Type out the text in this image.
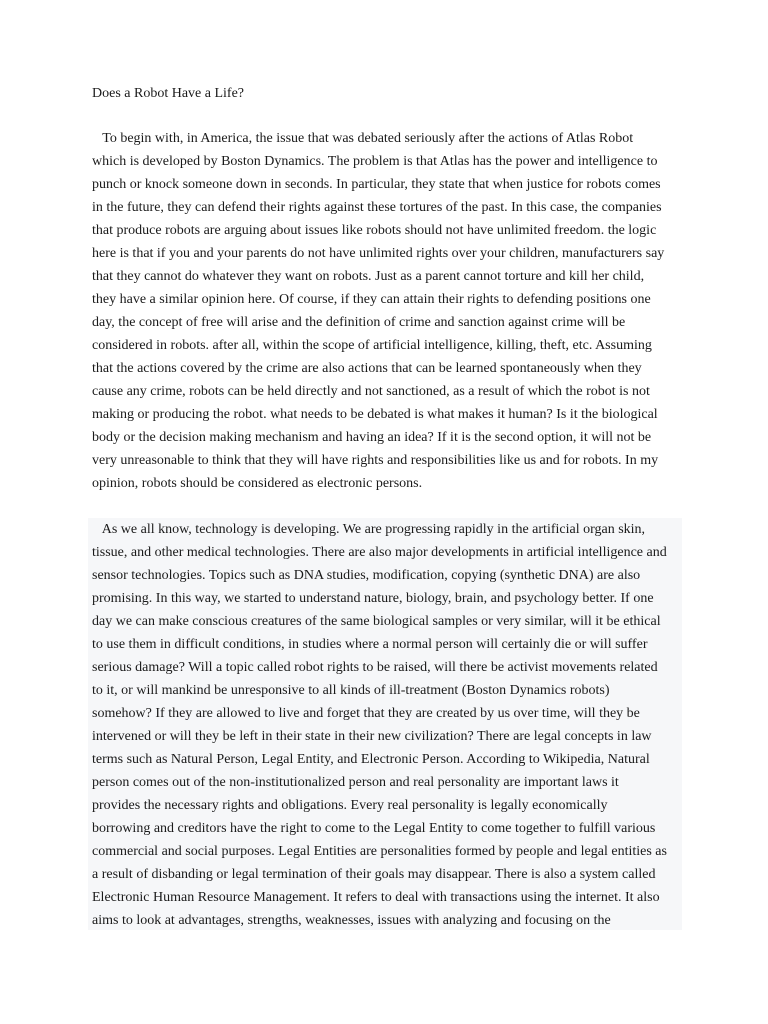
Does a Robot Have a Life?
To begin with, in America, the issue that was debated seriously after the actions of Atlas Robot
which is developed by Boston Dynamics. The problem is that Atlas has the power and intelligence to
punch or knock someone down in seconds. In particular, they state that when justice for robots comes
in the future, they can defend their rights against these tortures of the past. In this case, the companies
that produce robots are arguing about issues like robots should not have unlimited freedom. the logic
here is that if you and your parents do not have unlimited rights over your children, manufacturers say
that they cannot do whatever they want on robots. Just as a parent cannot torture and kill her child,
they have a similar opinion here. Of course, if they can attain their rights to defending positions one
day, the concept of free will arise and the definition of crime and sanction against crime will be
considered in robots. after all, within the scope of artificial intelligence, killing, theft, etc. Assuming
that the actions covered by the crime are also actions that can be learned spontaneously when they
cause any crime, robots can be held directly and not sanctioned, as a result of which the robot is not
making or producing the robot. what needs to be debated is what makes it human? Is it the biological
body or the decision making mechanism and having an idea? If it is the second option, it will not be
very unreasonable to think that they will have rights and responsibilities like us and for robots. In my
opinion, robots should be considered as electronic persons.
As we all know, technology is developing. We are progressing rapidly in the artificial organ skin,
tissue, and other medical technologies. There are also major developments in artificial intelligence and
sensor technologies. Topics such as DNA studies, modification, copying (synthetic DNA) are also
promising. In this way, we started to understand nature, biology, brain, and psychology better. If one
day we can make conscious creatures of the same biological samples or very similar, will it be ethical
to use them in difficult conditions, in studies where a normal person will certainly die or will suffer
serious damage? Will a topic called robot rights to be raised, will there be activist movements related
to it, or will mankind be unresponsive to all kinds of ill-treatment (Boston Dynamics robots)
somehow? If they are allowed to live and forget that they are created by us over time, will they be
intervened or will they be left in their state in their new civilization? There are legal concepts in law
terms such as Natural Person, Legal Entity, and Electronic Person. According to Wikipedia, Natural
person comes out of the non-institutionalized person and real personality are important laws it
provides the necessary rights and obligations. Every real personality is legally economically
borrowing and creditors have the right to come to the Legal Entity to come together to fulfill various
commercial and social purposes. Legal Entities are personalities formed by people and legal entities as
a result of disbanding or legal termination of their goals may disappear. There is also a system called
Electronic Human Resource Management. It refers to deal with transactions using the internet. It also
aims to look at advantages, strengths, weaknesses, issues with analyzing and focusing on the
